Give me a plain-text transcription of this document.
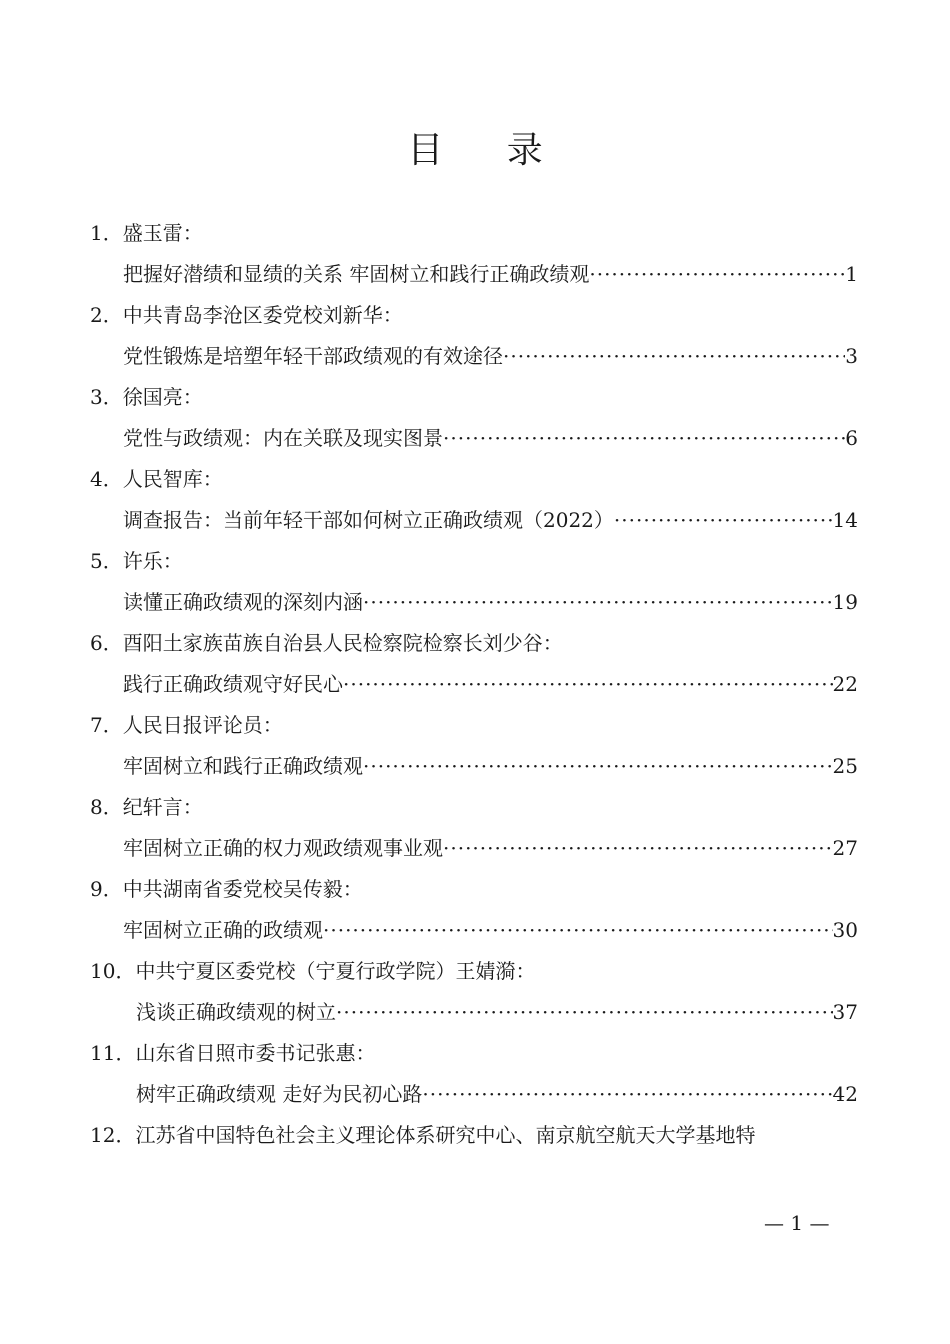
目 录
1．盛玉雷：
把握好潜绩和显绩的关系 牢固树立和践行正确政绩观 ·····	1
2．中共青岛李沧区委党校刘新华：
党性锻炼是培塑年轻干部政绩观的有效途径 ·····	3
3．徐国亮：
党性与政绩观：内在关联及现实图景 ·····	6
4．人民智库：
调查报告：当前年轻干部如何树立正确政绩观（2022） ·····	14
5．许乐：
读懂正确政绩观的深刻内涵 ·····	19
6．酉阳土家族苗族自治县人民检察院检察长刘少谷：
践行正确政绩观守好民心 ·····	22
7．人民日报评论员：
牢固树立和践行正确政绩观 ·····	25
8．纪轩言：
牢固树立正确的权力观政绩观事业观 ·····	27
9．中共湖南省委党校吴传毅：
牢固树立正确的政绩观 ·····	30
10．中共宁夏区委党校（宁夏行政学院）王婧漪：
浅谈正确政绩观的树立 ·····	37
11．山东省日照市委书记张惠：
树牢正确政绩观 走好为民初心路 ·····	42
12．江苏省中国特色社会主义理论体系研究中心、南京航空航天大学基地特
— 1 —
